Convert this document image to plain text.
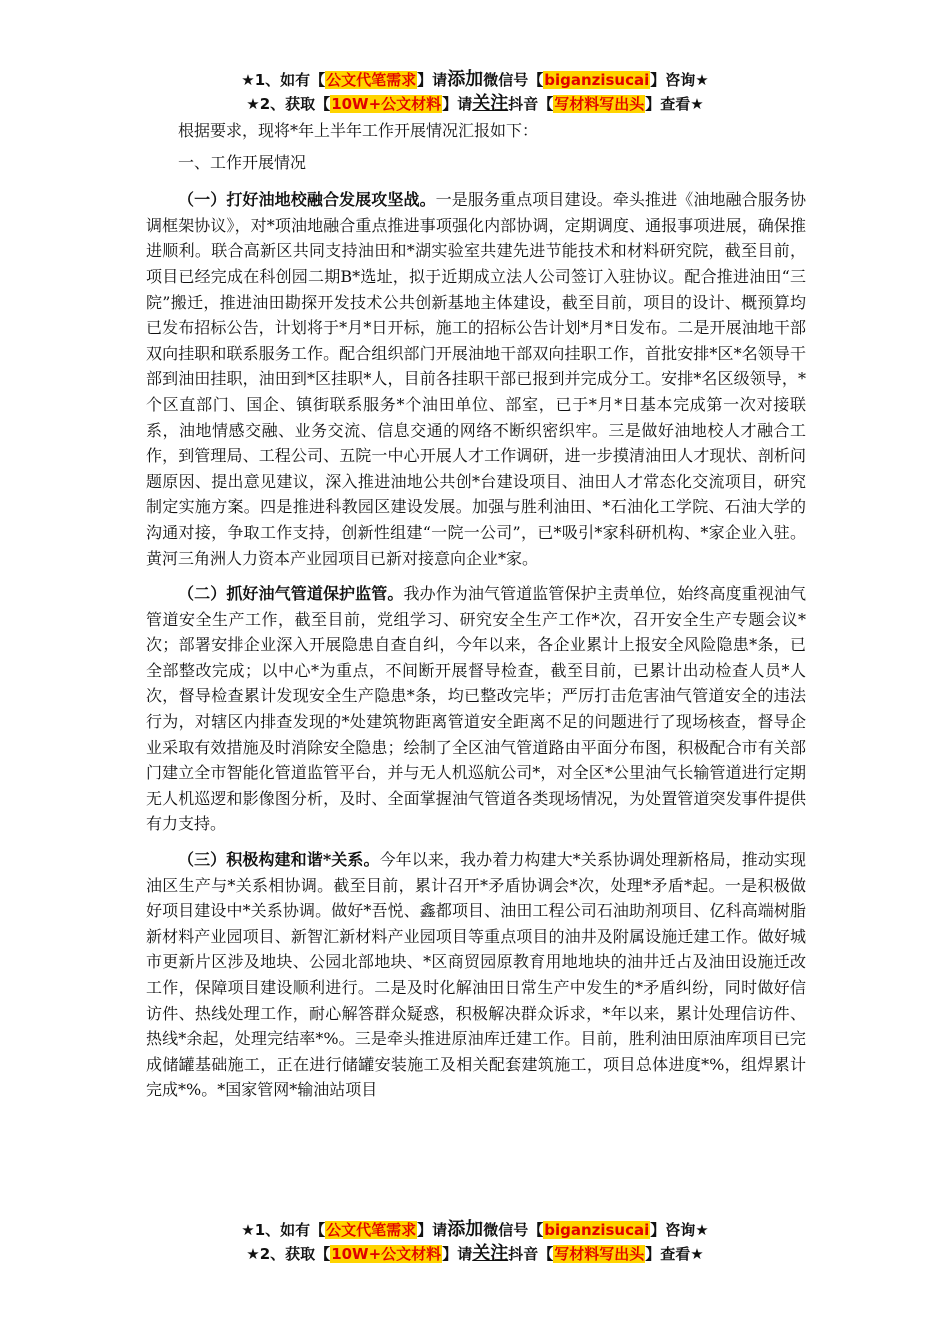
★1、如有【公文代笔需求】请添加微信号【biganzisucai】咨询★
★2、获取【10W+公文材料】请关注抖音【写材料写出头】查看★

根据要求，现将*年上半年工作开展情况汇报如下：

一、工作开展情况

（一）打好油地校融合发展攻坚战。一是服务重点项目建设。牵头推进《油地融合服务协调框架协议》，对*项油地融合重点推进事项强化内部协调，定期调度、通报事项进展，确保推进顺利。联合高新区共同支持油田和*湖实验室共建先进节能技术和材料研究院，截至目前，项目已经完成在科创园二期B*选址，拟于近期成立法人公司签订入驻协议。配合推进油田“三院”搬迁，推进油田勘探开发技术公共创新基地主体建设，截至目前，项目的设计、概预算均已发布招标公告，计划将于*月*日开标，施工的招标公告计划*月*日发布。二是开展油地干部双向挂职和联系服务工作。配合组织部门开展油地干部双向挂职工作，首批安排*区*名领导干部到油田挂职，油田到*区挂职*人，目前各挂职干部已报到并完成分工。安排*名区级领导，*个区直部门、国企、镇街联系服务*个油田单位、部室，已于*月*日基本完成第一次对接联系，油地情感交融、业务交流、信息交通的网络不断织密织牢。三是做好油地校人才融合工作，到管理局、工程公司、五院一中心开展人才工作调研，进一步摸清油田人才现状、剖析问题原因、提出意见建议，深入推进油地公共创*台建设项目、油田人才常态化交流项目，研究制定实施方案。四是推进科教园区建设发展。加强与胜利油田、*石油化工学院、石油大学的沟通对接，争取工作支持，创新性组建“一院一公司”，已*吸引*家科研机构、*家企业入驻。黄河三角洲人力资本产业园项目已新对接意向企业*家。

（二）抓好油气管道保护监管。我办作为油气管道监管保护主责单位，始终高度重视油气管道安全生产工作，截至目前，党组学习、研究安全生产工作*次，召开安全生产专题会议*次；部署安排企业深入开展隐患自查自纠，今年以来，各企业累计上报安全风险隐患*条，已全部整改完成；以中心*为重点，不间断开展督导检查，截至目前，已累计出动检查人员*人次，督导检查累计发现安全生产隐患*条，均已整改完毕；严厉打击危害油气管道安全的违法行为，对辖区内排查发现的*处建筑物距离管道安全距离不足的问题进行了现场核查，督导企业采取有效措施及时消除安全隐患；绘制了全区油气管道路由平面分布图，积极配合市有关部门建立全市智能化管道监管平台，并与无人机巡航公司*，对全区*公里油气长输管道进行定期无人机巡逻和影像图分析，及时、全面掌握油气管道各类现场情况，为处置管道突发事件提供有力支持。

（三）积极构建和谐*关系。今年以来，我办着力构建大*关系协调处理新格局，推动实现油区生产与*关系相协调。截至目前，累计召开*矛盾协调会*次，处理*矛盾*起。一是积极做好项目建设中*关系协调。做好*吾悦、鑫都项目、油田工程公司石油助剂项目、亿科高端树脂新材料产业园项目、新智汇新材料产业园项目等重点项目的油井及附属设施迁建工作。做好城市更新片区涉及地块、公园北部地块、*区商贸园原教育用地地块的油井迁占及油田设施迁改工作，保障项目建设顺利进行。二是及时化解油田日常生产中发生的*矛盾纠纷，同时做好信访件、热线处理工作，耐心解答群众疑惑，积极解决群众诉求，*年以来，累计处理信访件、热线*余起，处理完结率*%。三是牵头推进原油库迁建工作。目前，胜利油田原油库项目已完成储罐基础施工，正在进行储罐安装施工及相关配套建筑施工，项目总体进度*%，组焊累计完成*%。*国家管网*输油站项目

★1、如有【公文代笔需求】请添加微信号【biganzisucai】咨询★
★2、获取【10W+公文材料】请关注抖音【写材料写出头】查看★
